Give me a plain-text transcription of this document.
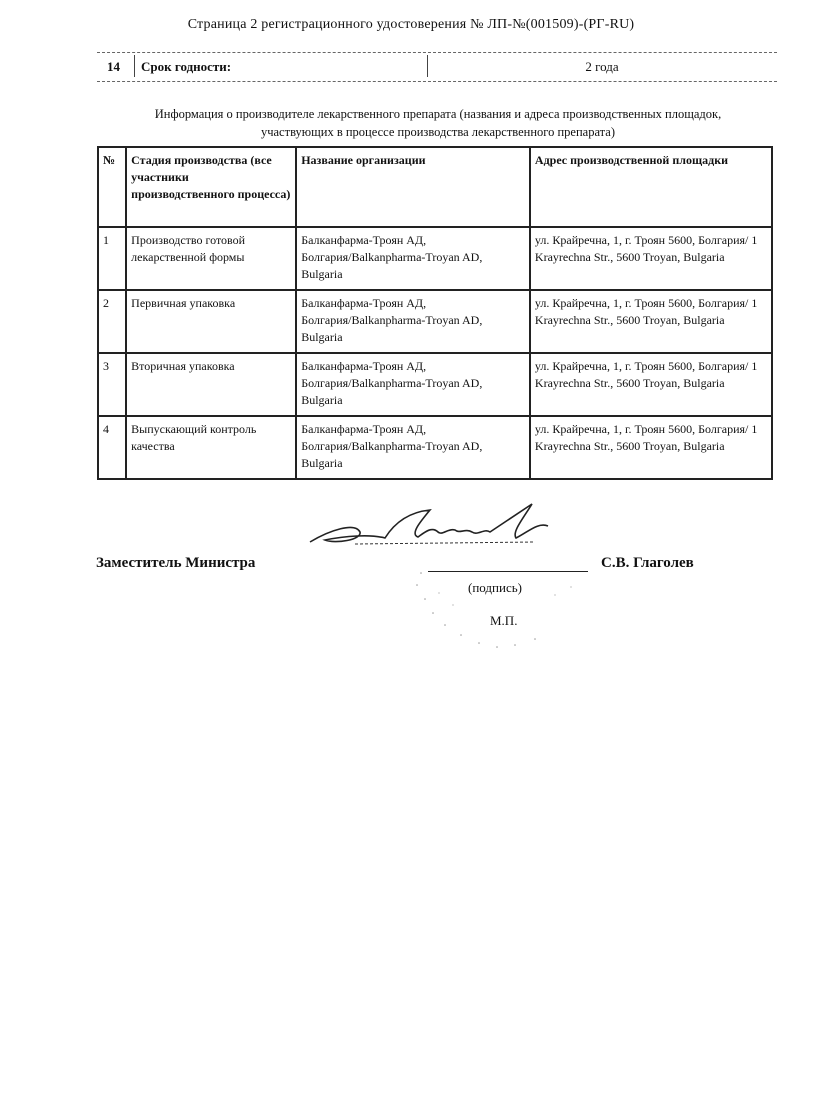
Страница 2 регистрационного удостоверения № ЛП-№(001509)-(РГ-RU)
14 Срок годности:	2 года
Информация о производителе лекарственного препарата (названия и адреса производственных площадок,
участвующих в процессе производства лекарственного препарата)
№	Стадия производства (все участники производственного процесса)	Название организации	Адрес производственной площадки
1	Производство готовой лекарственной формы	Балканфарма-Троян АД, Болгария/Balkanpharma-Troyan AD, Bulgaria	ул. Крайречна, 1, г. Троян 5600, Болгария/ 1 Krayrechna Str., 5600 Troyan, Bulgaria
2	Первичная упаковка	Балканфарма-Троян АД, Болгария/Balkanpharma-Troyan AD, Bulgaria	ул. Крайречна, 1, г. Троян 5600, Болгария/ 1 Krayrechna Str., 5600 Troyan, Bulgaria
3	Вторичная упаковка	Балканфарма-Троян АД, Болгария/Balkanpharma-Troyan AD, Bulgaria	ул. Крайречна, 1, г. Троян 5600, Болгария/ 1 Krayrechna Str., 5600 Troyan, Bulgaria
4	Выпускающий контроль качества	Балканфарма-Троян АД, Болгария/Balkanpharma-Troyan AD, Bulgaria	ул. Крайречна, 1, г. Троян 5600, Болгария/ 1 Krayrechna Str., 5600 Troyan, Bulgaria
Заместитель Министра	С.В. Глаголев
(подпись)
М.П.
